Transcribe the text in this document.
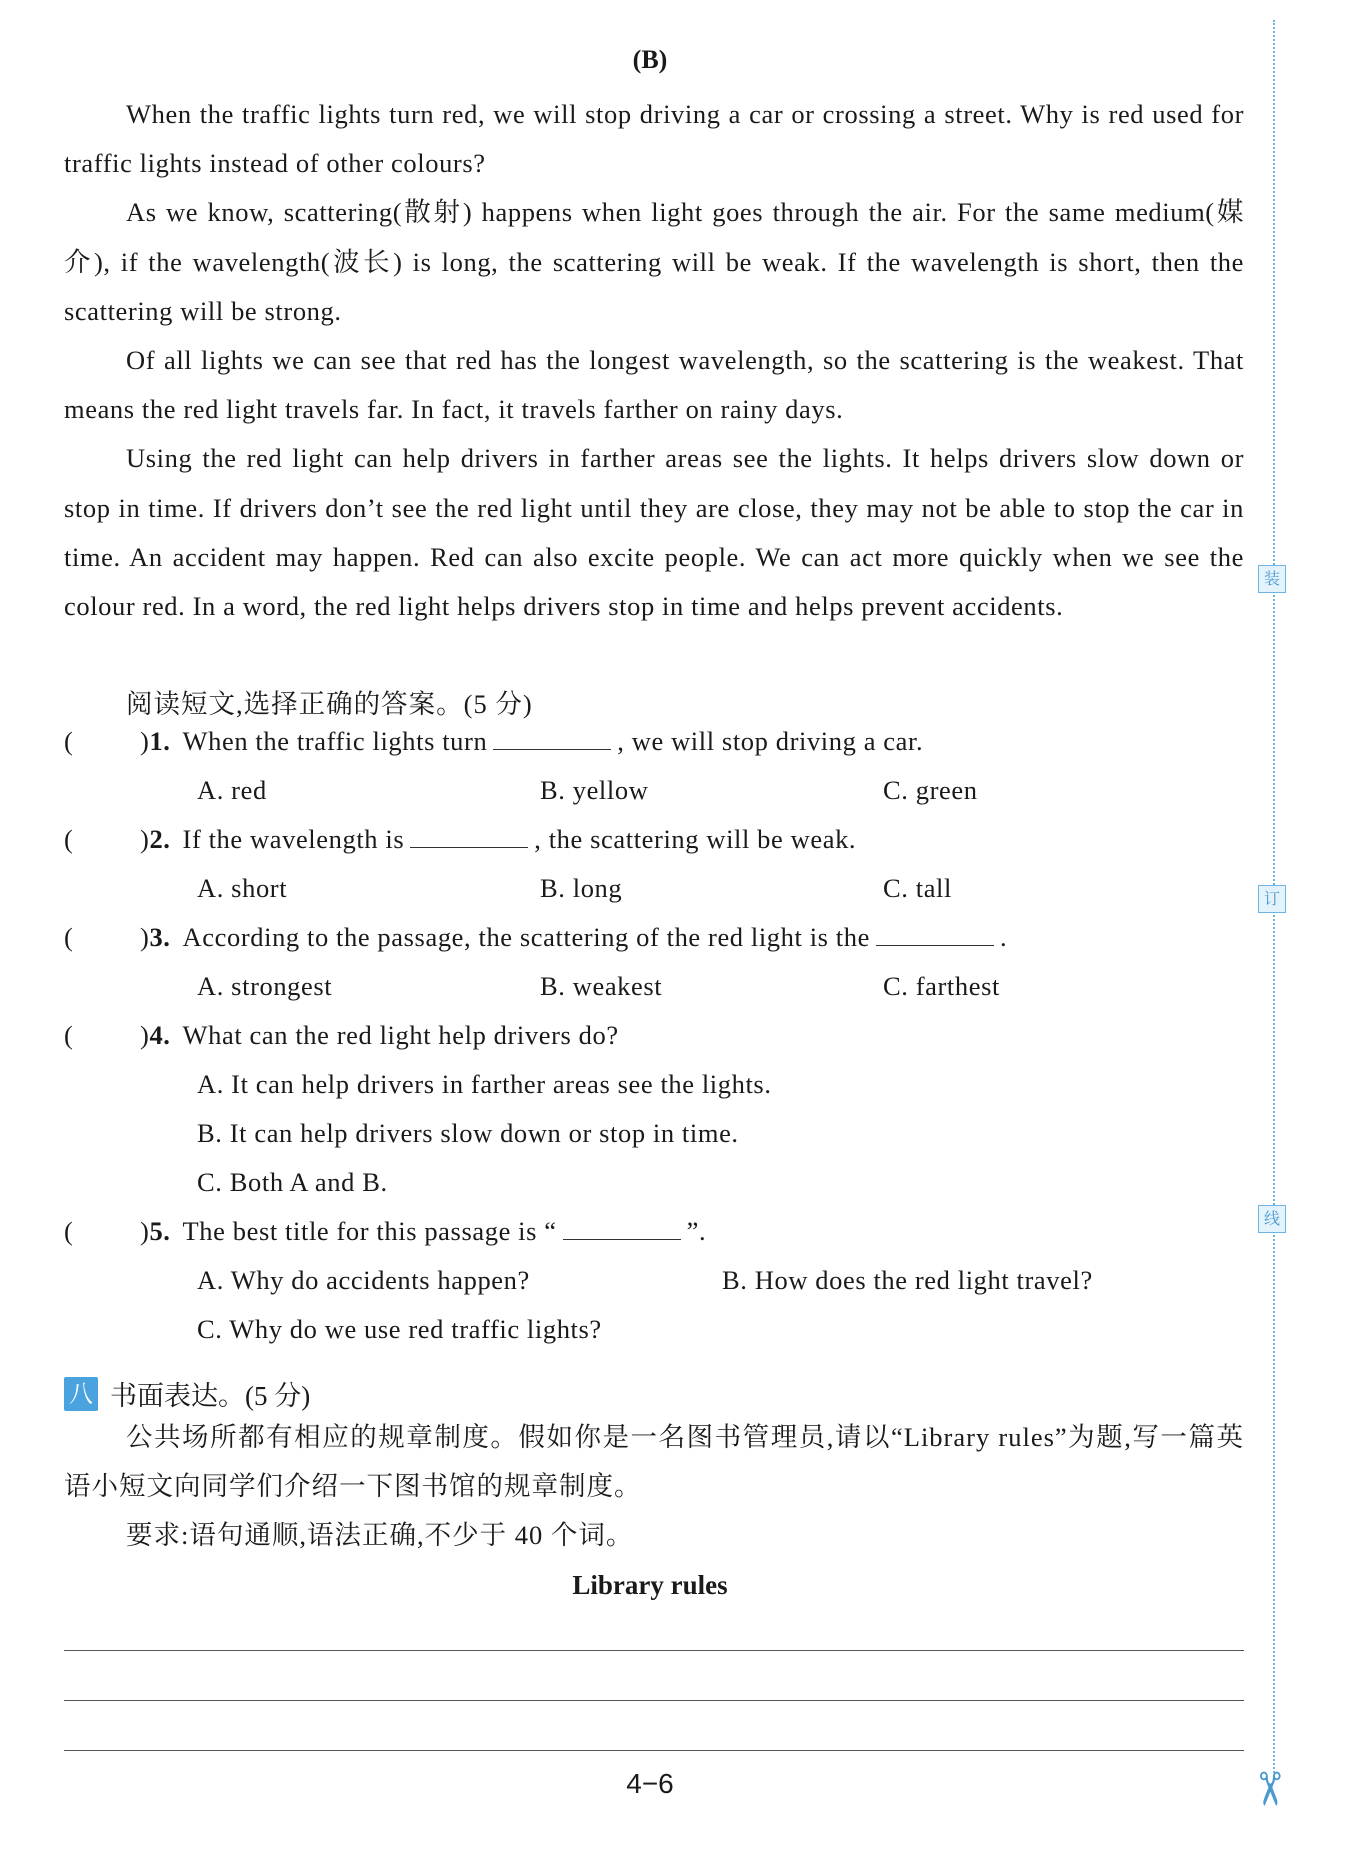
(B)

When the traffic lights turn red, we will stop driving a car or crossing a street. Why is red used for traffic lights instead of other colours?

As we know, scattering(散射) happens when light goes through the air. For the same medium(媒介), if the wavelength(波长) is long, the scattering will be weak. If the wavelength is short, then the scattering will be strong.

Of all lights we can see that red has the longest wavelength, so the scattering is the weakest. That means the red light travels far. In fact, it travels farther on rainy days.

Using the red light can help drivers in farther areas see the lights. It helps drivers slow down or stop in time. If drivers don’t see the red light until they are close, they may not be able to stop the car in time. An accident may happen. Red can also excite people. We can act more quickly when we see the colour red. In a word, the red light helps drivers stop in time and helps prevent accidents.

阅读短文,选择正确的答案。(5 分)
(	)1. When the traffic lights turn	, we will stop driving a car.
A. red	B. yellow	C. green
(	)2. If the wavelength is	, the scattering will be weak.
A. short	B. long	C. tall
(	)3. According to the passage, the scattering of the red light is the	.
A. strongest	B. weakest	C. farthest
(	)4. What can the red light help drivers do?
A. It can help drivers in farther areas see the lights.
B. It can help drivers slow down or stop in time.
C. Both A and B.
(	)5. The best title for this passage is “	”.
A. Why do accidents happen?	B. How does the red light travel?
C. Why do we use red traffic lights?
八 书面表达。(5 分)

公共场所都有相应的规章制度。假如你是一名图书管理员,请以“Library rules”为题,写一篇英语小短文向同学们介绍一下图书馆的规章制度。

要求:语句通顺,语法正确,不少于 40 个词。

Library rules
4−6
装
订
线
✂
